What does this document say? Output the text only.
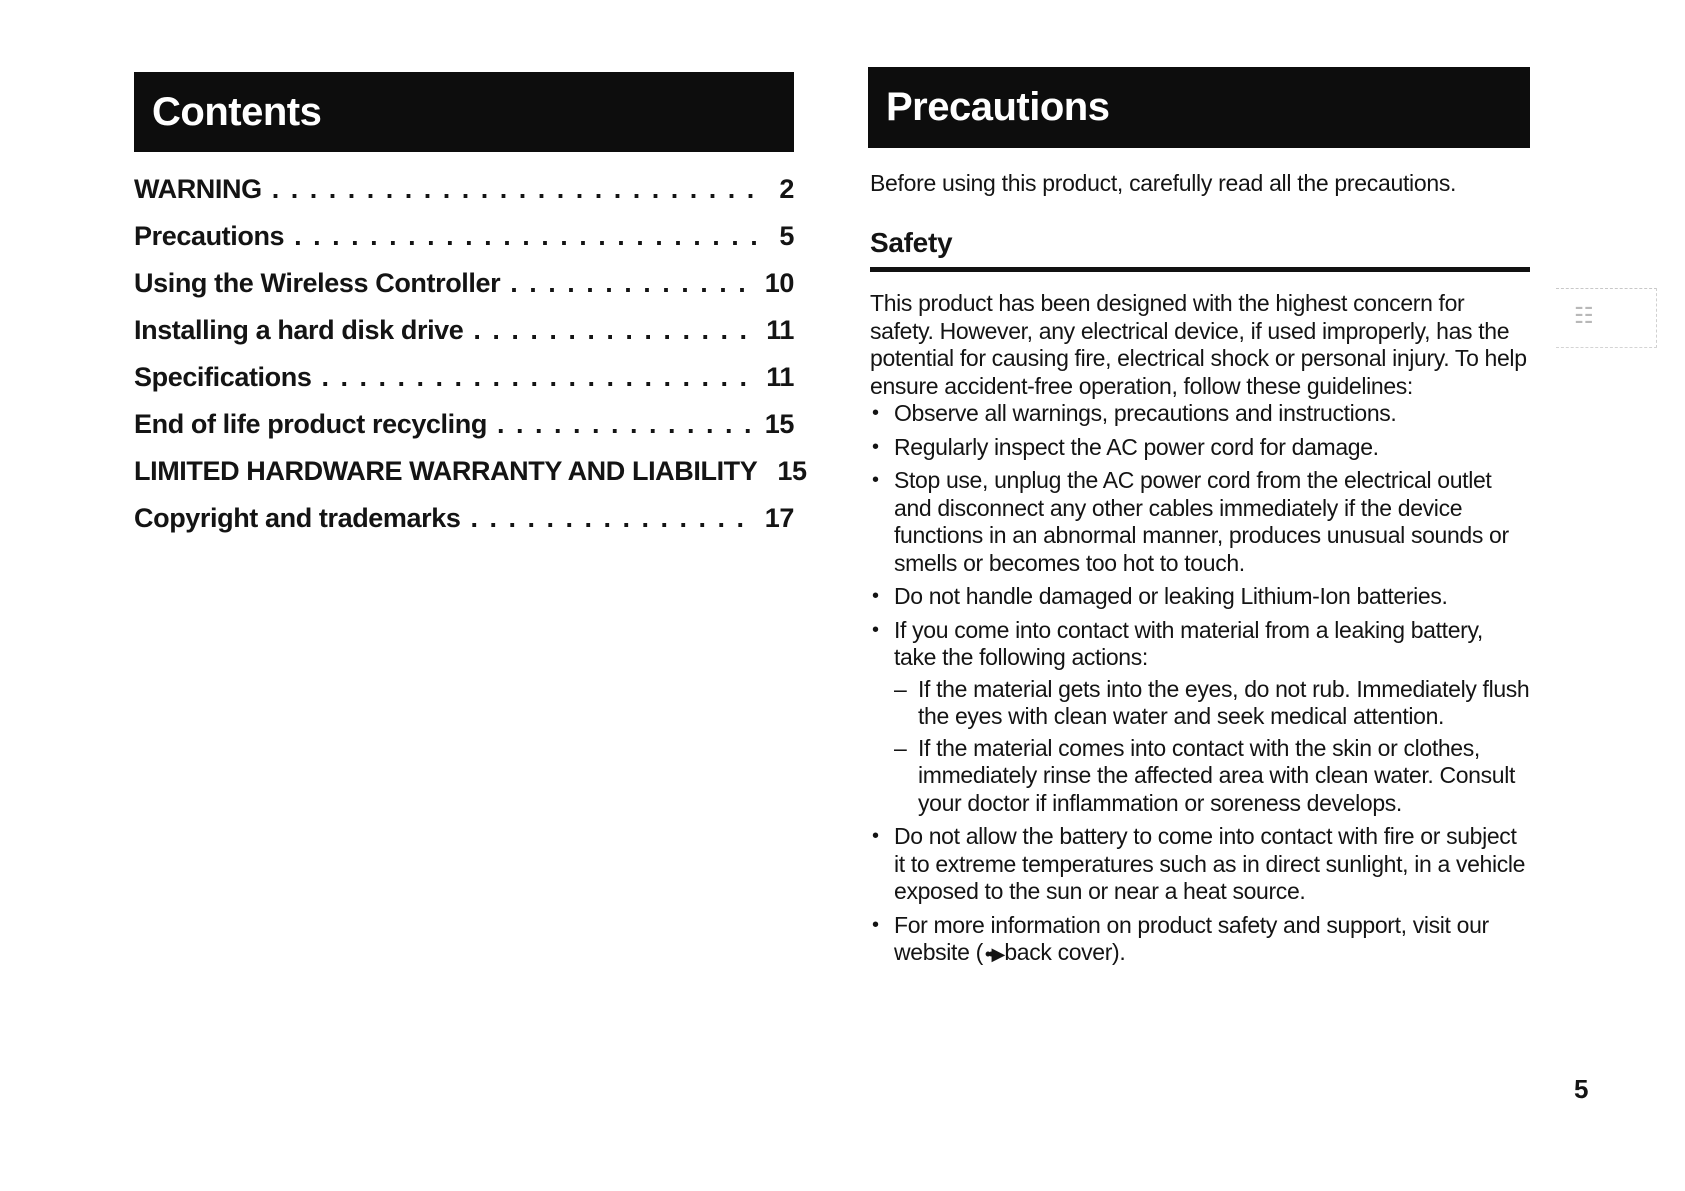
Contents
WARNING . . .	2
Precautions . . .	5
Using the Wireless Controller . . .	10
Installing a hard disk drive . . .	11
Specifications . . .	11
End of life product recycling . . .	15
LIMITED HARDWARE WARRANTY AND LIABILITY 15
Copyright and trademarks . . .	17
Precautions

Before using this product, carefully read all the precautions.

Safety

This product has been designed with the highest concern for safety. However, any electrical device, if used improperly, has the potential for causing fire, electrical shock or personal injury. To help ensure accident-free operation, follow these guidelines:

• Observe all warnings, precautions and instructions.
• Regularly inspect the AC power cord for damage.
• Stop use, unplug the AC power cord from the electrical outlet and disconnect any other cables immediately if the device functions in an abnormal manner, produces unusual sounds or smells or becomes too hot to touch.
• Do not handle damaged or leaking Lithium-Ion batteries.
• If you come into contact with material from a leaking battery, take the following actions:
– If the material gets into the eyes, do not rub. Immediately flush the eyes with clean water and seek medical attention.
– If the material comes into contact with the skin or clothes, immediately rinse the affected area with clean water. Consult your doctor if inflammation or soreness develops.
• Do not allow the battery to come into contact with fire or subject it to extreme temperatures such as in direct sunlight, in a vehicle exposed to the sun or near a heat source.
• For more information on product safety and support, visit our website ( ••▶back cover).
☷
5
